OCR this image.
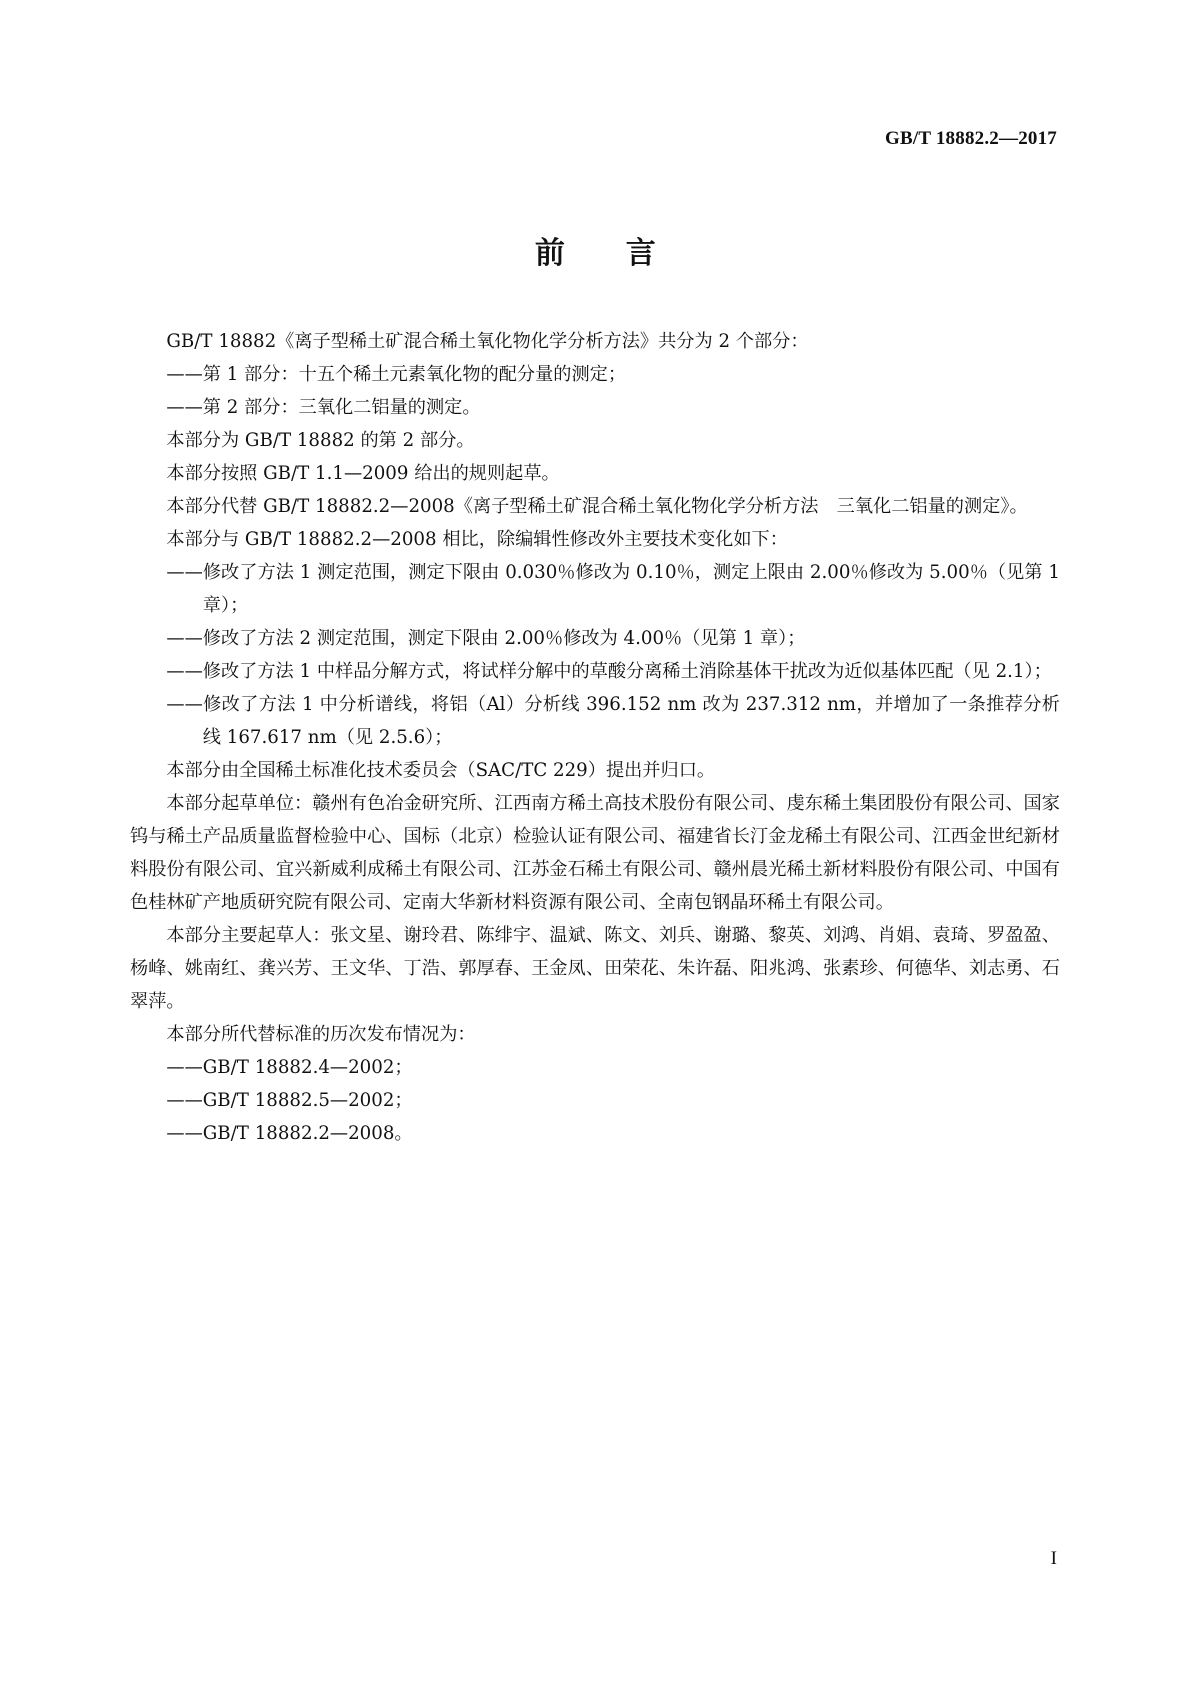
GB/T 18882.2—2017
前　　言

GB/T 18882《离子型稀土矿混合稀土氧化物化学分析方法》共分为 2 个部分：

——第 1 部分：十五个稀土元素氧化物的配分量的测定；

——第 2 部分：三氧化二铝量的测定。

本部分为 GB/T 18882 的第 2 部分。

本部分按照 GB/T 1.1—2009 给出的规则起草。

本部分代替 GB/T 18882.2—2008《离子型稀土矿混合稀土氧化物化学分析方法　三氧化二铝量的测定》。

本部分与 GB/T 18882.2—2008 相比，除编辑性修改外主要技术变化如下：

——修改了方法 1 测定范围，测定下限由 0.030％修改为 0.10％，测定上限由 2.00％修改为 5.00％（见第 1 章）；

——修改了方法 2 测定范围，测定下限由 2.00％修改为 4.00％（见第 1 章）；

——修改了方法 1 中样品分解方式，将试样分解中的草酸分离稀土消除基体干扰改为近似基体匹配（见 2.1）；

——修改了方法 1 中分析谱线，将铝（Al）分析线 396.152 nm 改为 237.312 nm，并增加了一条推荐分析线 167.617 nm（见 2.5.6）；

本部分由全国稀土标准化技术委员会（SAC/TC 229）提出并归口。

本部分起草单位：赣州有色冶金研究所、江西南方稀土高技术股份有限公司、虔东稀土集团股份有限公司、国家钨与稀土产品质量监督检验中心、国标（北京）检验认证有限公司、福建省长汀金龙稀土有限公司、江西金世纪新材料股份有限公司、宜兴新威利成稀土有限公司、江苏金石稀土有限公司、赣州晨光稀土新材料股份有限公司、中国有色桂林矿产地质研究院有限公司、定南大华新材料资源有限公司、全南包钢晶环稀土有限公司。

本部分主要起草人：张文星、谢玲君、陈绯宇、温斌、陈文、刘兵、谢璐、黎英、刘鸿、肖娟、袁琦、罗盈盈、杨峰、姚南红、龚兴芳、王文华、丁浩、郭厚春、王金凤、田荣花、朱许磊、阳兆鸿、张素珍、何德华、刘志勇、石翠萍。

本部分所代替标准的历次发布情况为：

——GB/T 18882.4—2002；

——GB/T 18882.5—2002；

——GB/T 18882.2—2008。

I
